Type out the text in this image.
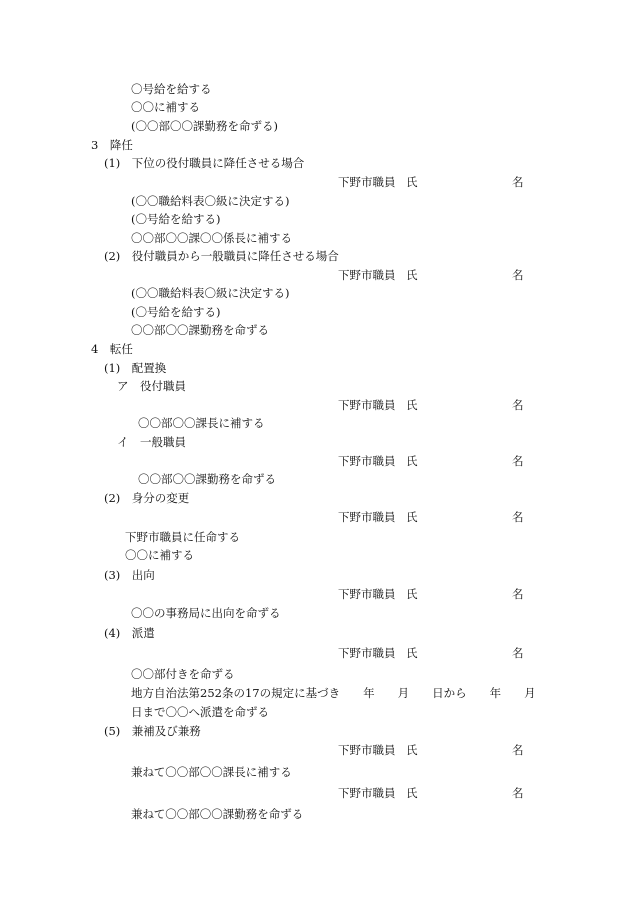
〇号給を給する
〇〇に補する
(〇〇部〇〇課勤務を命ずる)
3　降任
(1)　下位の役付職員に降任させる場合
下野市職員 氏	名
(〇〇職給料表〇級に決定する)
(〇号給を給する)
〇〇部〇〇課〇〇係長に補する
(2)　役付職員から一般職員に降任させる場合
下野市職員 氏	名
(〇〇職給料表〇級に決定する)
(〇号給を給する)
〇〇部〇〇課勤務を命ずる
4　転任
(1)　配置換
ア　役付職員
下野市職員 氏	名
〇〇部〇〇課長に補する
イ　一般職員
下野市職員 氏	名
〇〇部〇〇課勤務を命ずる
(2)　身分の変更
下野市職員 氏	名
下野市職員に任命する
〇〇に補する
(3)　出向
下野市職員 氏	名
〇〇の事務局に出向を命ずる
(4)　派遣
下野市職員 氏	名
〇〇部付きを命ずる
地方自治法第252条の17の規定に基づき　　年　　月　　日から　　年　　月
日まで〇〇へ派遣を命ずる
(5)　兼補及び兼務
下野市職員 氏	名
兼ねて〇〇部〇〇課長に補する
下野市職員 氏	名
兼ねて〇〇部〇〇課勤務を命ずる
